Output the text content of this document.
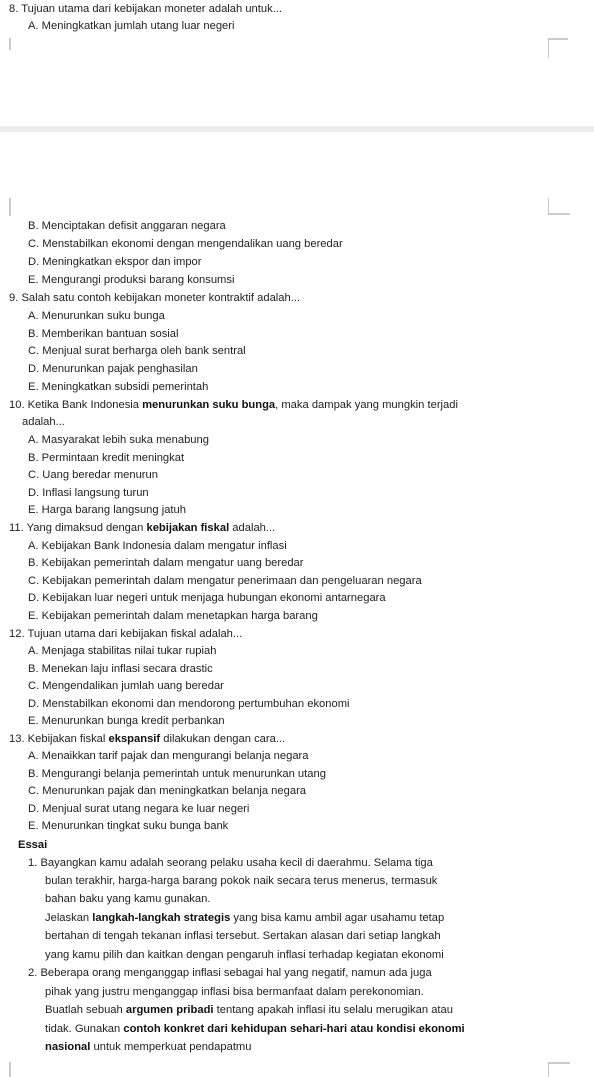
8. Tujuan utama dari kebijakan moneter adalah untuk...
A. Meningkatkan jumlah utang luar negeri
B. Menciptakan defisit anggaran negara
C. Menstabilkan ekonomi dengan mengendalikan uang beredar
D. Meningkatkan ekspor dan impor
E. Mengurangi produksi barang konsumsi
9. Salah satu contoh kebijakan moneter kontraktif adalah...
A. Menurunkan suku bunga
B. Memberikan bantuan sosial
C. Menjual surat berharga oleh bank sentral
D. Menurunkan pajak penghasilan
E. Meningkatkan subsidi pemerintah
10. Ketika Bank Indonesia menurunkan suku bunga, maka dampak yang mungkin terjadi
adalah...
A. Masyarakat lebih suka menabung
B. Permintaan kredit meningkat
C. Uang beredar menurun
D. Inflasi langsung turun
E. Harga barang langsung jatuh
11. Yang dimaksud dengan kebijakan fiskal adalah...
A. Kebijakan Bank Indonesia dalam mengatur inflasi
B. Kebijakan pemerintah dalam mengatur uang beredar
C. Kebijakan pemerintah dalam mengatur penerimaan dan pengeluaran negara
D. Kebijakan luar negeri untuk menjaga hubungan ekonomi antarnegara
E. Kebijakan pemerintah dalam menetapkan harga barang
12. Tujuan utama dari kebijakan fiskal adalah...
A. Menjaga stabilitas nilai tukar rupiah
B. Menekan laju inflasi secara drastic
C. Mengendalikan jumlah uang beredar
D. Menstabilkan ekonomi dan mendorong pertumbuhan ekonomi
E. Menurunkan bunga kredit perbankan
13. Kebijakan fiskal ekspansif dilakukan dengan cara...
A. Menaikkan tarif pajak dan mengurangi belanja negara
B. Mengurangi belanja pemerintah untuk menurunkan utang
C. Menurunkan pajak dan meningkatkan belanja negara
D. Menjual surat utang negara ke luar negeri
E. Menurunkan tingkat suku bunga bank
Essai
1. Bayangkan kamu adalah seorang pelaku usaha kecil di daerahmu. Selama tiga
bulan terakhir, harga-harga barang pokok naik secara terus menerus, termasuk
bahan baku yang kamu gunakan.
Jelaskan langkah-langkah strategis yang bisa kamu ambil agar usahamu tetap
bertahan di tengah tekanan inflasi tersebut. Sertakan alasan dari setiap langkah
yang kamu pilih dan kaitkan dengan pengaruh inflasi terhadap kegiatan ekonomi
2. Beberapa orang menganggap inflasi sebagai hal yang negatif, namun ada juga
pihak yang justru menganggap inflasi bisa bermanfaat dalam perekonomian.
Buatlah sebuah argumen pribadi tentang apakah inflasi itu selalu merugikan atau
tidak. Gunakan contoh konkret dari kehidupan sehari-hari atau kondisi ekonomi
nasional untuk memperkuat pendapatmu
